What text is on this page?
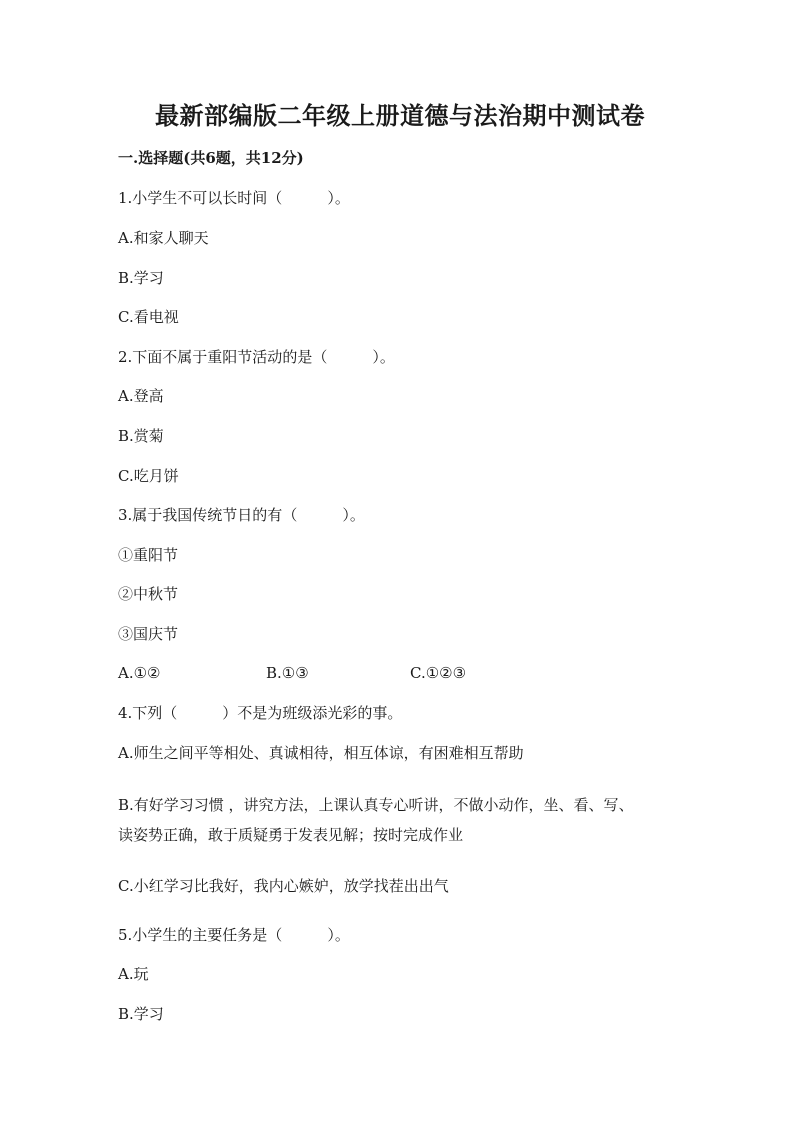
最新部编版二年级上册道德与法治期中测试卷

一.选择题(共6题，共12分)

1.小学生不可以长时间（　　　）。

A.和家人聊天

B.学习

C.看电视

2.下面不属于重阳节活动的是（　　　）。

A.登高

B.赏菊

C.吃月饼

3.属于我国传统节日的有（　　　）。

①重阳节

②中秋节

③国庆节

A.①②	B.①③	C.①②③

4.下列（　　　）不是为班级添光彩的事。

A.师生之间平等相处、真诚相待，相互体谅，有困难相互帮助

B.有好学习习惯 ，讲究方法，上课认真专心听讲，不做小动作，坐、看、写、

读姿势正确，敢于质疑勇于发表见解；按时完成作业

C.小红学习比我好，我内心嫉妒，放学找茬出出气

5.小学生的主要任务是（　　　）。

A.玩

B.学习
